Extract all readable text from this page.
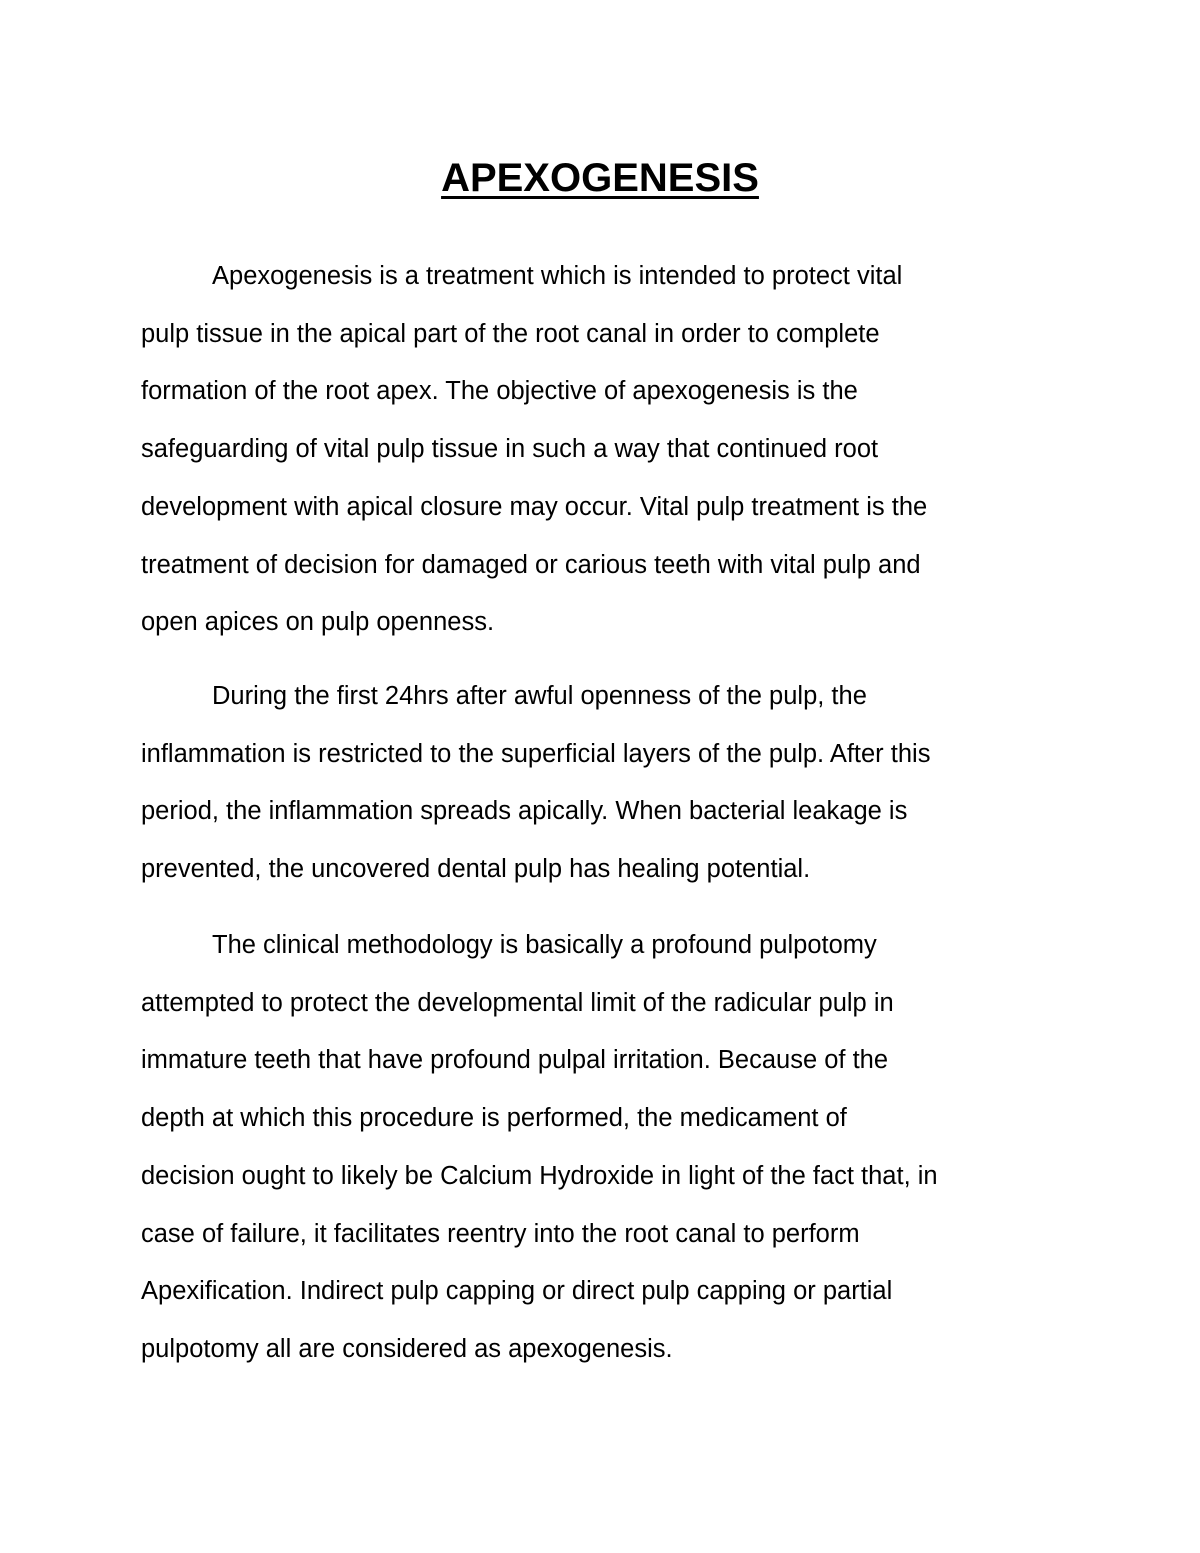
APEXOGENESIS

Apexogenesis is a treatment which is intended to protect vital
pulp tissue in the apical part of the root canal in order to complete
formation of the root apex. The objective of apexogenesis is the
safeguarding of vital pulp tissue in such a way that continued root
development with apical closure may occur. Vital pulp treatment is the
treatment of decision for damaged or carious teeth with vital pulp and
open apices on pulp openness.

During the first 24hrs after awful openness of the pulp, the
inflammation is restricted to the superficial layers of the pulp. After this
period, the inflammation spreads apically. When bacterial leakage is
prevented, the uncovered dental pulp has healing potential.

The clinical methodology is basically a profound pulpotomy
attempted to protect the developmental limit of the radicular pulp in
immature teeth that have profound pulpal irritation. Because of the
depth at which this procedure is performed, the medicament of
decision ought to likely be Calcium Hydroxide in light of the fact that, in
case of failure, it facilitates reentry into the root canal to perform
Apexification. Indirect pulp capping or direct pulp capping or partial
pulpotomy all are considered as apexogenesis.
